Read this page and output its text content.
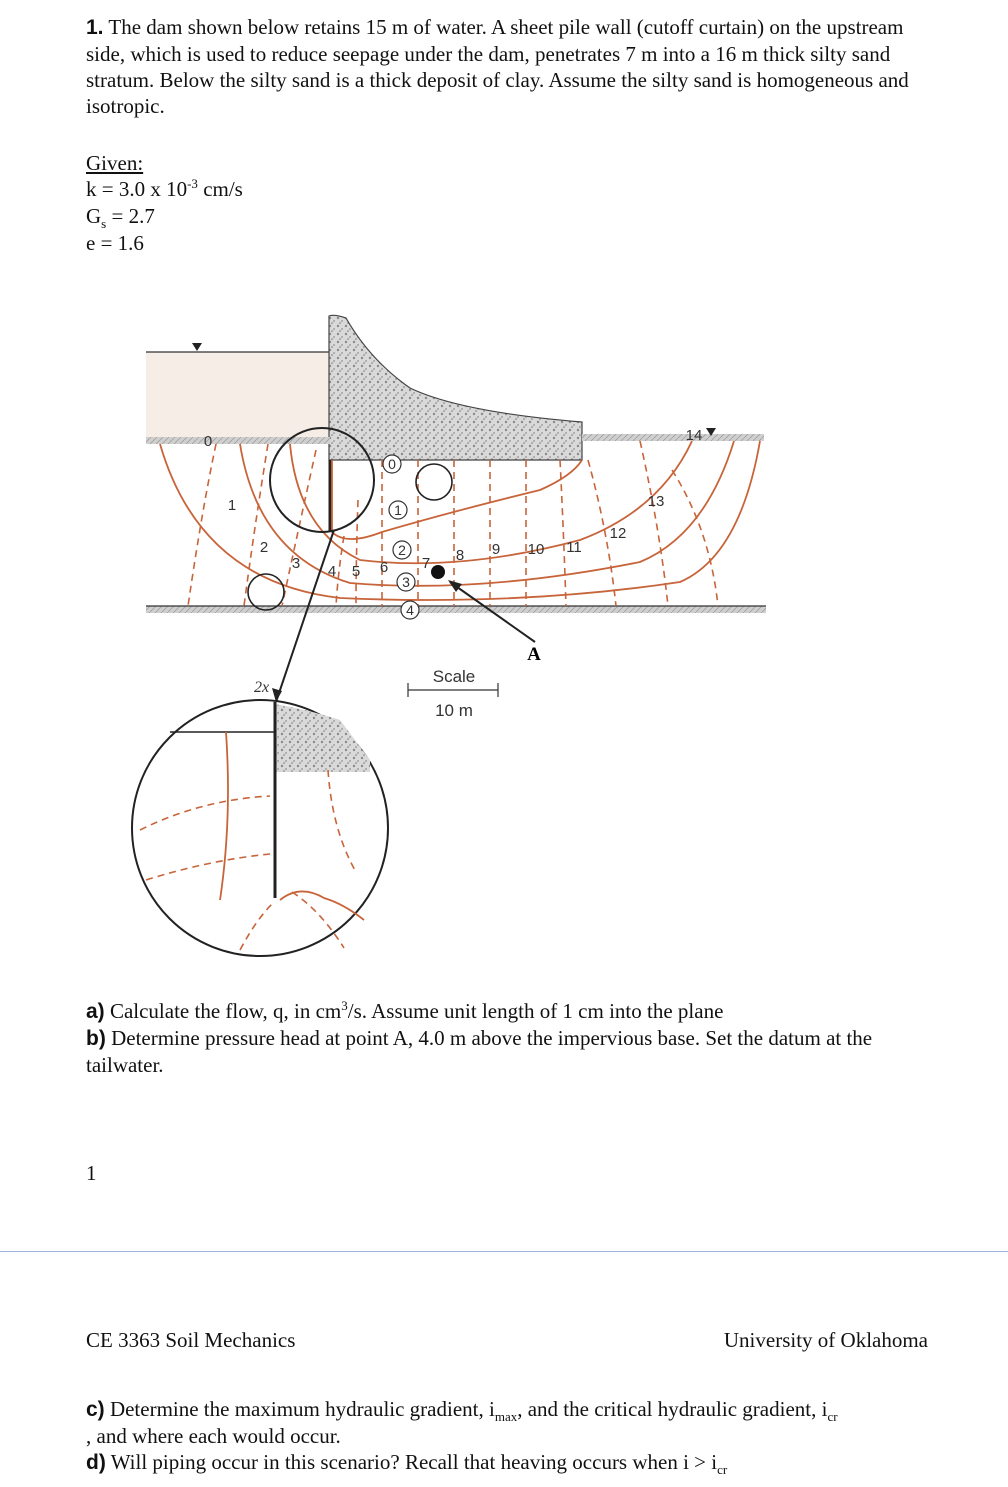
1. The dam shown below retains 15 m of water. A sheet pile wall (cutoff curtain) on the upstream side, which is used to reduce seepage under the dam, penetrates 7 m into a 16 m thick silty sand stratum. Below the silty sand is a thick deposit of clay. Assume the silty sand is homogeneous and isotropic.
Given:
k = 3.0 x $10^{-3}$ cm/s
$G_s = 2.7$
e = 1.6
A
0
1
2
3 4 5 6 7 8 9 10 11
12
13
14
0
1
2
3
4
Scale
10 m
2x
a) Calculate the flow, q, in $cm^3/s$. Assume unit length of 1 cm into the plane
b) Determine pressure head at point A, 4.0 m above the impervious base. Set the datum at the tailwater.
1
CE 3363 Soil Mechanics	University of Oklahoma
c) Determine the maximum hydraulic gradient, $i_{max}$, and the critical hydraulic gradient, $i_{cr}$
, and where each would occur.
d) Will piping occur in this scenario? Recall that heaving occurs when $i > i_{cr}$
